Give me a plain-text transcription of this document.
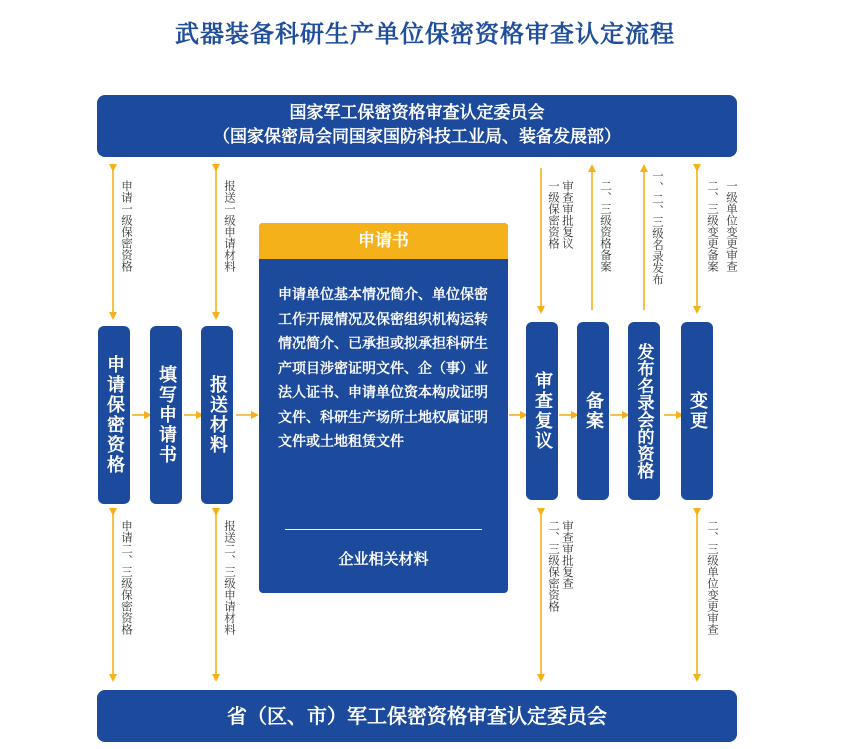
武器装备科研生产单位保密资格审查认定流程
国家军工保密资格审查认定委员会
（国家保密局会同国家国防科技工业局、装备发展部）
省（区、市）军工保密资格审查认定委员会
申请保密资格	填写申请书	报送材料	审查复议	备案	发布名录会的资格	变更
申请书
申请单位基本情况简介、单位保密工作开展情况及保密组织机构运转情况简介、已承担或拟承担科研生产项目涉密证明文件、企（事）业法人证书、申请单位资本构成证明文件、科研生产场所土地权属证明文件或土地租赁文件
企业相关材料
申请一级保密资格
申请二、三级保密资格
报送一级申请材料
报送二、三级申请材料
审查审批复议
一级保密资格
审查审批复查
二、三级保密资格
二、三级资格备案	一、二、三级名录发布	一级单位变更审查
二、三级变更备案
二、三级单位变更审查
